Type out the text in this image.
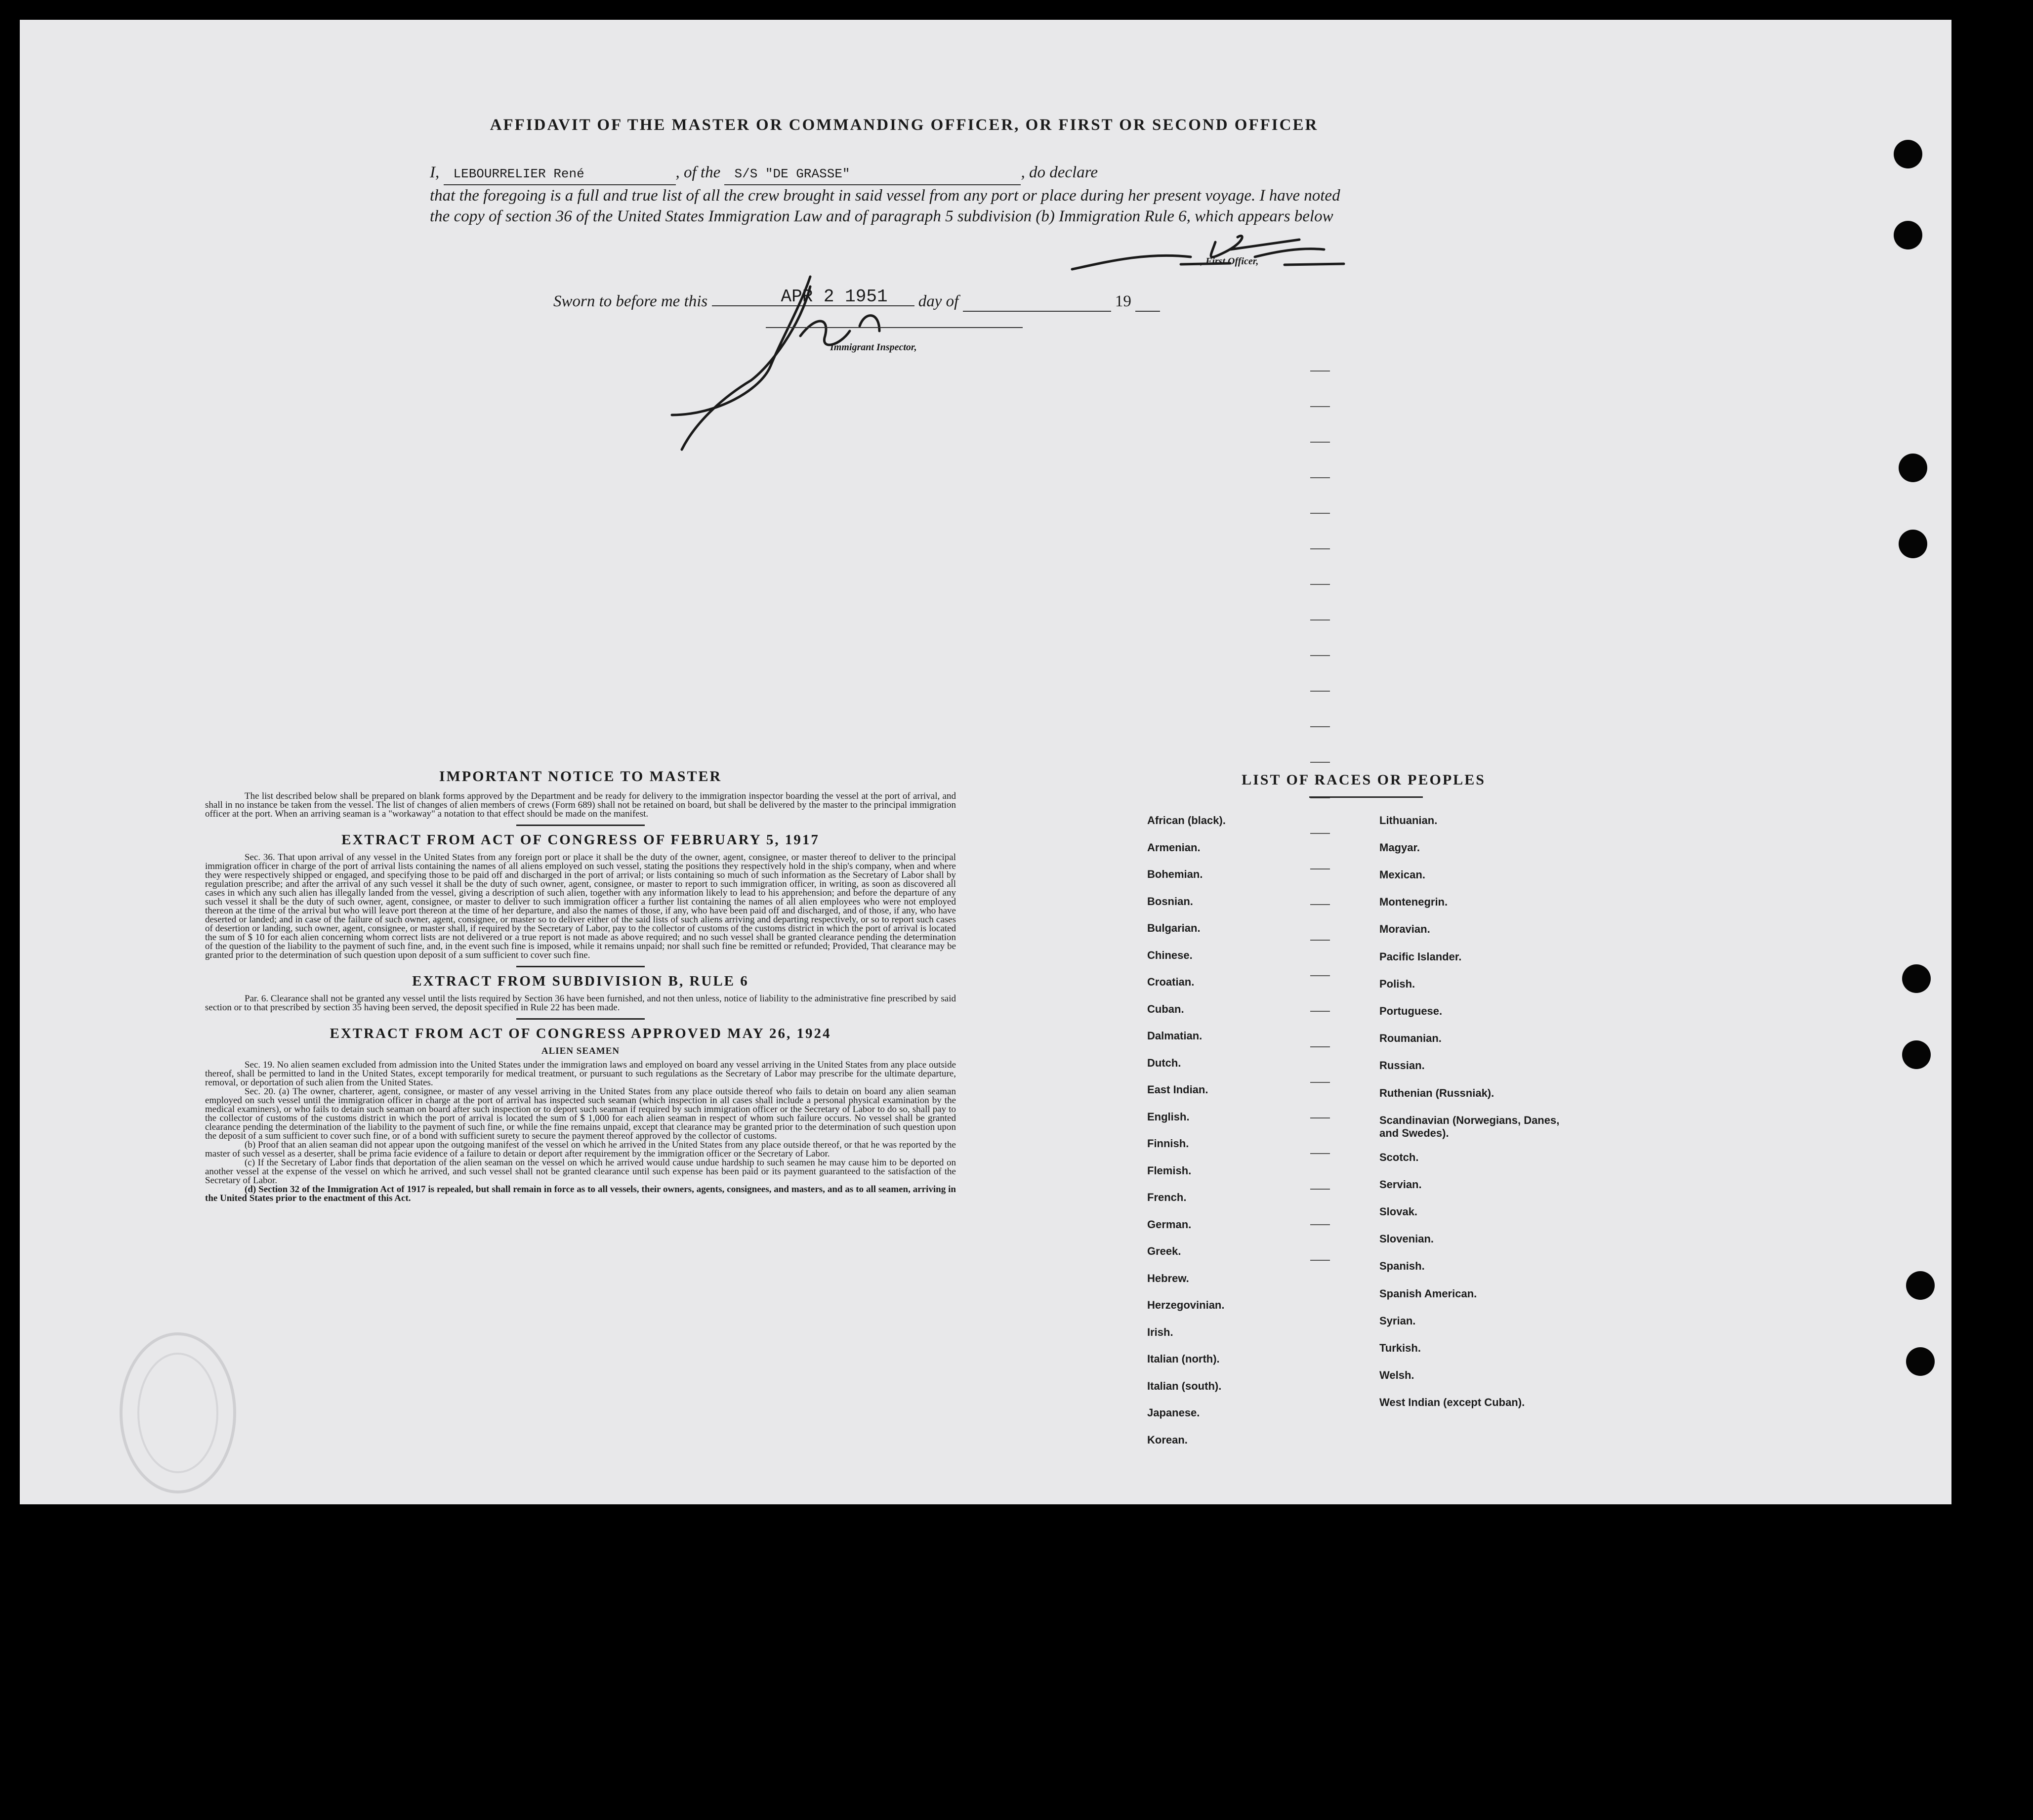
AFFIDAVIT OF THE MASTER OR COMMANDING OFFICER, OR FIRST OR SECOND OFFICER
I, LEBOURRELIER René	, of the S/S "DE GRASSE"	, do declare
that the foregoing is a full and true list of all the crew brought in said vessel from any port or place during her present voyage. I have noted the copy of section 36 of the United States Immigration Law and of paragraph 5 subdivision (b) Immigration Rule 6, which appears below
, First Officer,
Sworn to before me this	APR 2 1951 day of	19
Immigrant Inspector,
IMPORTANT NOTICE TO MASTER

The list described below shall be prepared on blank forms approved by the Department and be ready for delivery to the immigration inspector boarding the vessel at the port of arrival, and shall in no instance be taken from the vessel. The list of changes of alien members of crews (Form 689) shall not be retained on board, but shall be delivered by the master to the principal immigration officer at the port. When an arriving seaman is a "workaway" a notation to that effect should be made on the manifest.

EXTRACT FROM ACT OF CONGRESS OF FEBRUARY 5, 1917

Sec. 36. That upon arrival of any vessel in the United States from any foreign port or place it shall be the duty of the owner, agent, consignee, or master thereof to deliver to the principal immigration officer in charge of the port of arrival lists containing the names of all aliens employed on such vessel, stating the positions they respectively hold in the ship's company, when and where they were respectively shipped or engaged, and specifying those to be paid off and discharged in the port of arrival; or lists containing so much of such information as the Secretary of Labor shall by regulation prescribe; and after the arrival of any such vessel it shall be the duty of such owner, agent, consignee, or master to report to such immigration officer, in writing, as soon as discovered all cases in which any such alien has illegally landed from the vessel, giving a description of such alien, together with any information likely to lead to his apprehension; and before the departure of any such vessel it shall be the duty of such owner, agent, consignee, or master to deliver to such immigration officer a further list containing the names of all alien employees who were not employed thereon at the time of the arrival but who will leave port thereon at the time of her departure, and also the names of those, if any, who have been paid off and discharged, and of those, if any, who have deserted or landed; and in case of the failure of such owner, agent, consignee, or master so to deliver either of the said lists of such aliens arriving and departing respectively, or so to report such cases of desertion or landing, such owner, agent, consignee, or master shall, if required by the Secretary of Labor, pay to the collector of customs of the customs district in which the port of arrival is located the sum of $ 10 for each alien concerning whom correct lists are not delivered or a true report is not made as above required; and no such vessel shall be granted clearance pending the determination of the question of the liability to the payment of such fine, and, in the event such fine is imposed, while it remains unpaid; nor shall such fine be remitted or refunded; Provided, That clearance may be granted prior to the determination of such question upon deposit of a sum sufficient to cover such fine.

EXTRACT FROM SUBDIVISION B, RULE 6

Par. 6. Clearance shall not be granted any vessel until the lists required by Section 36 have been furnished, and not then unless, notice of liability to the administrative fine prescribed by said section or to that prescribed by section 35 having been served, the deposit specified in Rule 22 has been made.

EXTRACT FROM ACT OF CONGRESS APPROVED MAY 26, 1924
ALIEN SEAMEN

Sec. 19. No alien seamen excluded from admission into the United States under the immigration laws and employed on board any vessel arriving in the United States from any place outside thereof, shall be permitted to land in the United States, except temporarily for medical treatment, or pursuant to such regulations as the Secretary of Labor may prescribe for the ultimate departure, removal, or deportation of such alien from the United States.

Sec. 20. (a) The owner, charterer, agent, consignee, or master of any vessel arriving in the United States from any place outside thereof who fails to detain on board any alien seaman employed on such vessel until the immigration officer in charge at the port of arrival has inspected such seaman (which inspection in all cases shall include a personal physical examination by the medical examiners), or who fails to detain such seaman on board after such inspection or to deport such seaman if required by such immigration officer or the Secretary of Labor to do so, shall pay to the collector of customs of the customs district in which the port of arrival is located the sum of $ 1,000 for each alien seaman in respect of whom such failure occurs. No vessel shall be granted clearance pending the determination of the liability to the payment of such fine, or while the fine remains unpaid, except that clearance may be granted prior to the determination of such question upon the deposit of a sum sufficient to cover such fine, or of a bond with sufficient surety to secure the payment thereof approved by the collector of customs.

(b) Proof that an alien seaman did not appear upon the outgoing manifest of the vessel on which he arrived in the United States from any place outside thereof, or that he was reported by the master of such vessel as a deserter, shall be prima facie evidence of a failure to detain or deport after requirement by the immigration officer or the Secretary of Labor.

(c) If the Secretary of Labor finds that deportation of the alien seaman on the vessel on which he arrived would cause undue hardship to such seamen he may cause him to be deported on another vessel at the expense of the vessel on which he arrived, and such vessel shall not be granted clearance until such expense has been paid or its payment guaranteed to the satisfaction of the Secretary of Labor.

(d) Section 32 of the Immigration Act of 1917 is repealed, but shall remain in force as to all vessels, their owners, agents, consignees, and masters, and as to all seamen, arriving in the United States prior to the enactment of this Act.

LIST OF RACES OR PEOPLES
African (black).
Armenian.
Bohemian.
Bosnian.
Bulgarian.
Chinese.
Croatian.
Cuban.
Dalmatian.
Dutch.
East Indian.
English.
Finnish.
Flemish.
French.
German.
Greek.
Hebrew.
Herzegovinian.
Irish.
Italian (north).
Italian (south).
Japanese.
Korean.
Lithuanian.
Magyar.
Mexican.
Montenegrin.
Moravian.
Pacific Islander.
Polish.
Portuguese.
Roumanian.
Russian.
Ruthenian (Russniak).
Scandinavian (Norwegians, Danes, and Swedes).
Scotch.
Servian.
Slovak.
Slovenian.
Spanish.
Spanish American.
Syrian.
Turkish.
Welsh.
West Indian (except Cuban).
